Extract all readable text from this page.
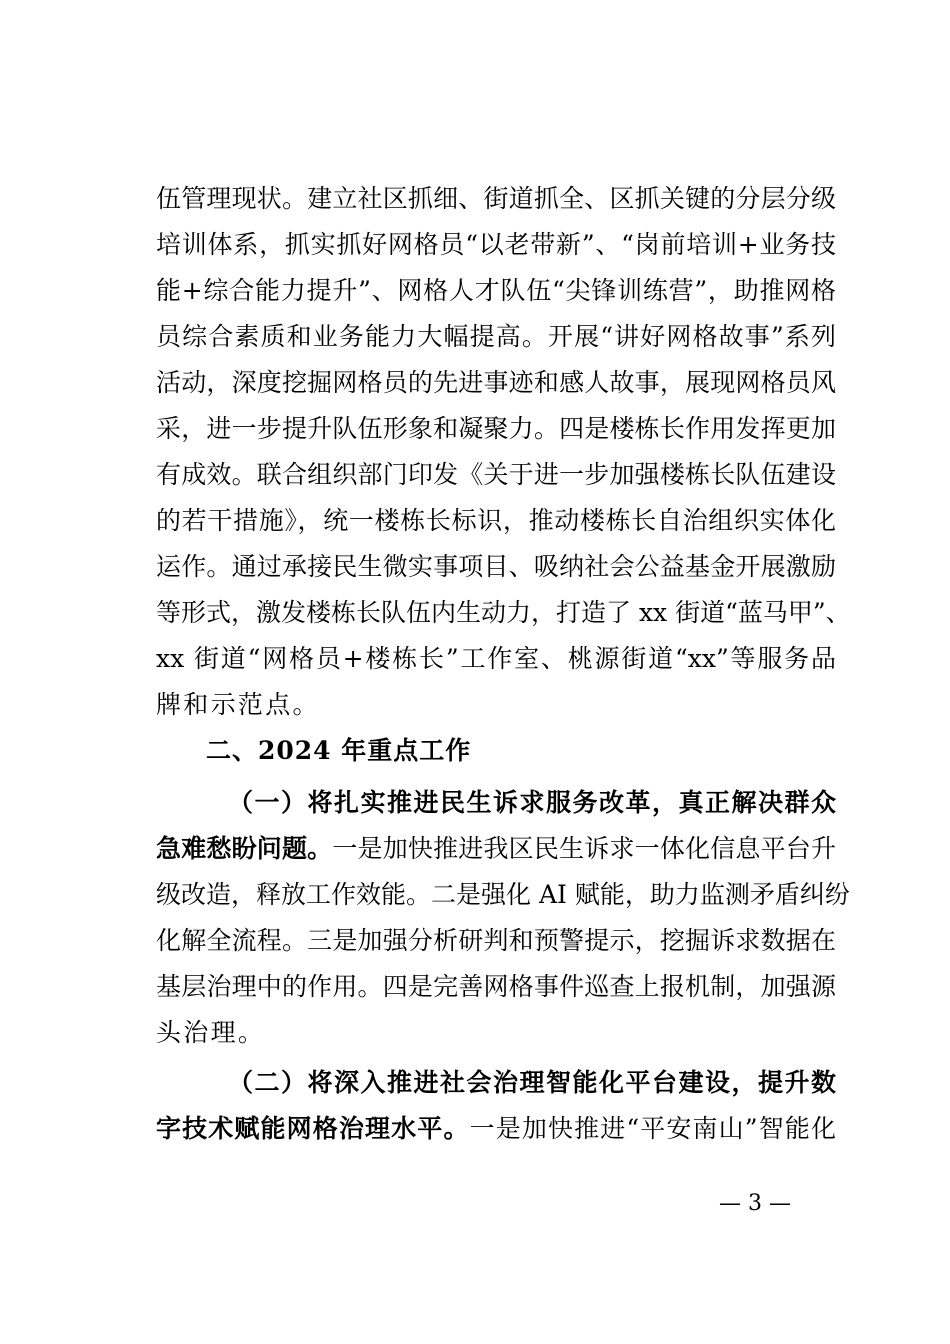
伍管理现状。建立社区抓细、街道抓全、区抓关键的分层分级
培训体系，抓实抓好网格员“以老带新”、“岗前培训+业务技
能+综合能力提升”、网格人才队伍“尖锋训练营”，助推网格
员综合素质和业务能力大幅提高。开展“讲好网格故事”系列
活动，深度挖掘网格员的先进事迹和感人故事，展现网格员风
采，进一步提升队伍形象和凝聚力。四是楼栋长作用发挥更加
有成效。联合组织部门印发《关于进一步加强楼栋长队伍建设
的若干措施》，统一楼栋长标识，推动楼栋长自治组织实体化
运作。通过承接民生微实事项目、吸纳社会公益基金开展激励
等形式，激发楼栋长队伍内生动力，打造了 xx 街道“蓝马甲”、
xx 街道“网格员+楼栋长”工作室、桃源街道“xx”等服务品
牌和示范点。
二、2024 年重点工作
（一）将扎实推进民生诉求服务改革，真正解决群众
急难愁盼问题。一是加快推进我区民生诉求一体化信息平台升
级改造，释放工作效能。二是强化 AI 赋能，助力监测矛盾纠纷
化解全流程。三是加强分析研判和预警提示，挖掘诉求数据在
基层治理中的作用。四是完善网格事件巡查上报机制，加强源
头治理。
（二）将深入推进社会治理智能化平台建设，提升数
字技术赋能网格治理水平。一是加快推进“平安南山”智能化
— 3 —
